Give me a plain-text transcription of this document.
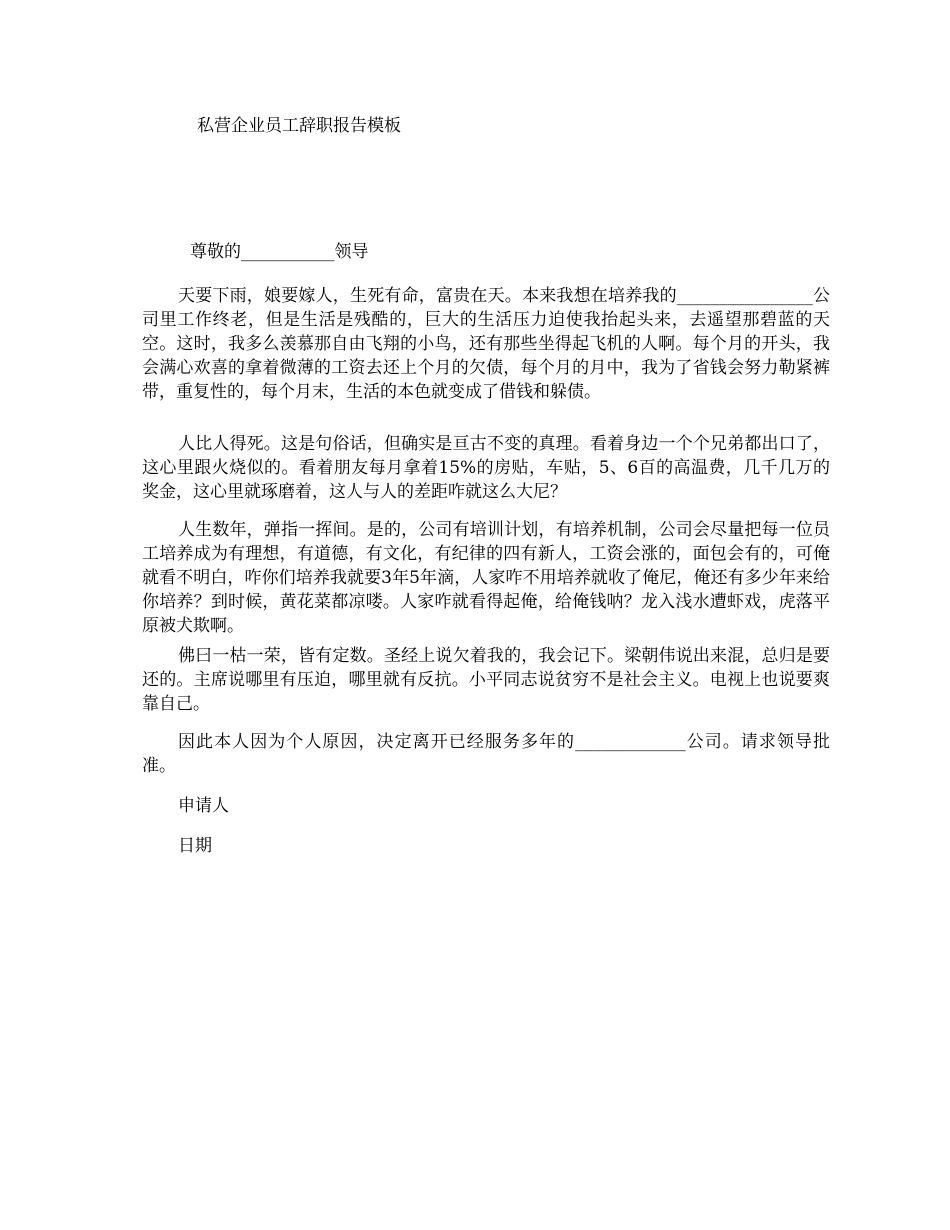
私营企业员工辞职报告模板
尊敬的___________领导

天要下雨，娘要嫁人，生死有命，富贵在天。本来我想在培养我的________________公司里工作终老，但是生活是残酷的，巨大的生活压力迫使我抬起头来，去遥望那碧蓝的天空。这时，我多么羡慕那自由飞翔的小鸟，还有那些坐得起飞机的人啊。每个月的开头，我会满心欢喜的拿着微薄的工资去还上个月的欠债，每个月的月中，我为了省钱会努力勒紧裤带，重复性的，每个月末，生活的本色就变成了借钱和躲债。

人比人得死。这是句俗话，但确实是亘古不变的真理。看着身边一个个兄弟都出口了，这心里跟火烧似的。看着朋友每月拿着15%的房贴，车贴，5、6百的高温费，几千几万的奖金，这心里就琢磨着，这人与人的差距咋就这么大尼？

人生数年，弹指一挥间。是的，公司有培训计划，有培养机制，公司会尽量把每一位员工培养成为有理想，有道德，有文化，有纪律的四有新人，工资会涨的，面包会有的，可俺就看不明白，咋你们培养我就要3年5年滴，人家咋不用培养就收了俺尼，俺还有多少年来给你培养？到时候，黄花菜都凉喽。人家咋就看得起俺，给俺钱呐？龙入浅水遭虾戏，虎落平原被犬欺啊。

佛曰一枯一荣，皆有定数。圣经上说欠着我的，我会记下。梁朝伟说出来混，总归是要还的。主席说哪里有压迫，哪里就有反抗。小平同志说贫穷不是社会主义。电视上也说要爽靠自己。

因此本人因为个人原因，决定离开已经服务多年的_____________公司。请求领导批准。

申请人
日期
